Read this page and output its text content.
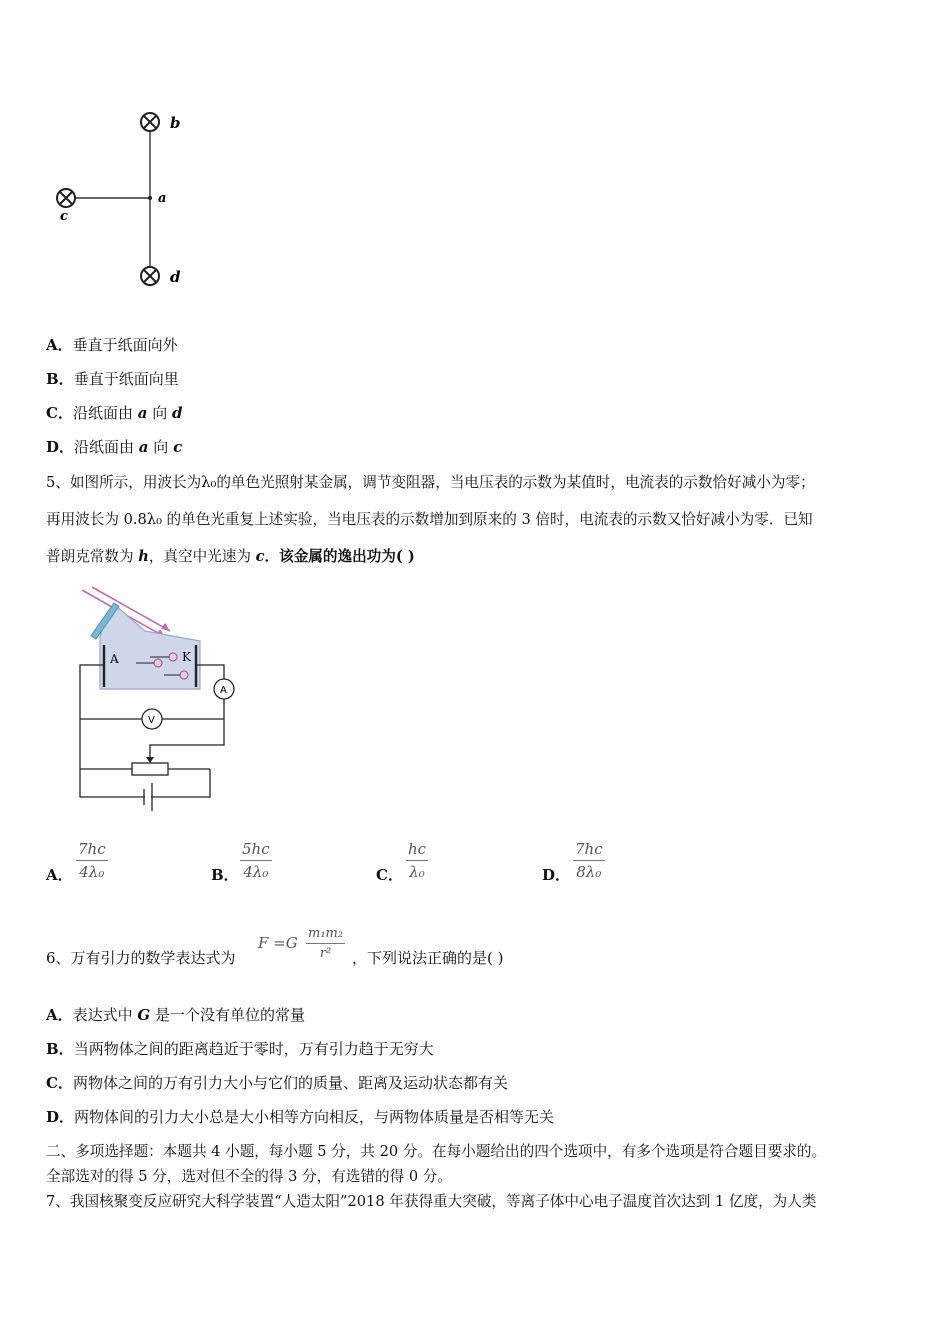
b
a
c
d
A．垂直于纸面向外
B．垂直于纸面向里
C．沿纸面由 a 向 d
D．沿纸面由 a 向 c
5、如图所示，用波长为λ₀的单色光照射某金属，调节变阻器，当电压表的示数为某值时，电流表的示数恰好减小为零；
再用波长为 0.8λ₀ 的单色光重复上述实验，当电压表的示数增加到原来的 3 倍时，电流表的示数又恰好减小为零．已知
普朗克常数为 h，真空中光速为 c．该金属的逸出功为( )
A	K
A
V
A． $\frac{7hc}{\text{4λ₀}}$	B． $\frac{5hc}{\text{4λ₀}}$	C． $\frac{hc}{\text{λ₀}}$	D． $\frac{7hc}{\text{8λ₀}}$
6、万有引力的数学表达式为
$F =G \frac{\text{m₁m₂}}{\text{r²}}$ ，下列说法正确的是( )
A．表达式中 G 是一个没有单位的常量
B．当两物体之间的距离趋近于零时，万有引力趋于无穷大
C．两物体之间的万有引力大小与它们的质量、距离及运动状态都有关
D．两物体间的引力大小总是大小相等方向相反，与两物体质量是否相等无关
二、多项选择题：本题共 4 小题，每小题 5 分，共 20 分。在每小题给出的四个选项中，有多个选项是符合题目要求的。
全部选对的得 5 分，选对但不全的得 3 分，有选错的得 0 分。
7、我国核聚变反应研究大科学装置“人造太阳”2018 年获得重大突破，等离子体中心电子温度首次达到 1 亿度，为人类
